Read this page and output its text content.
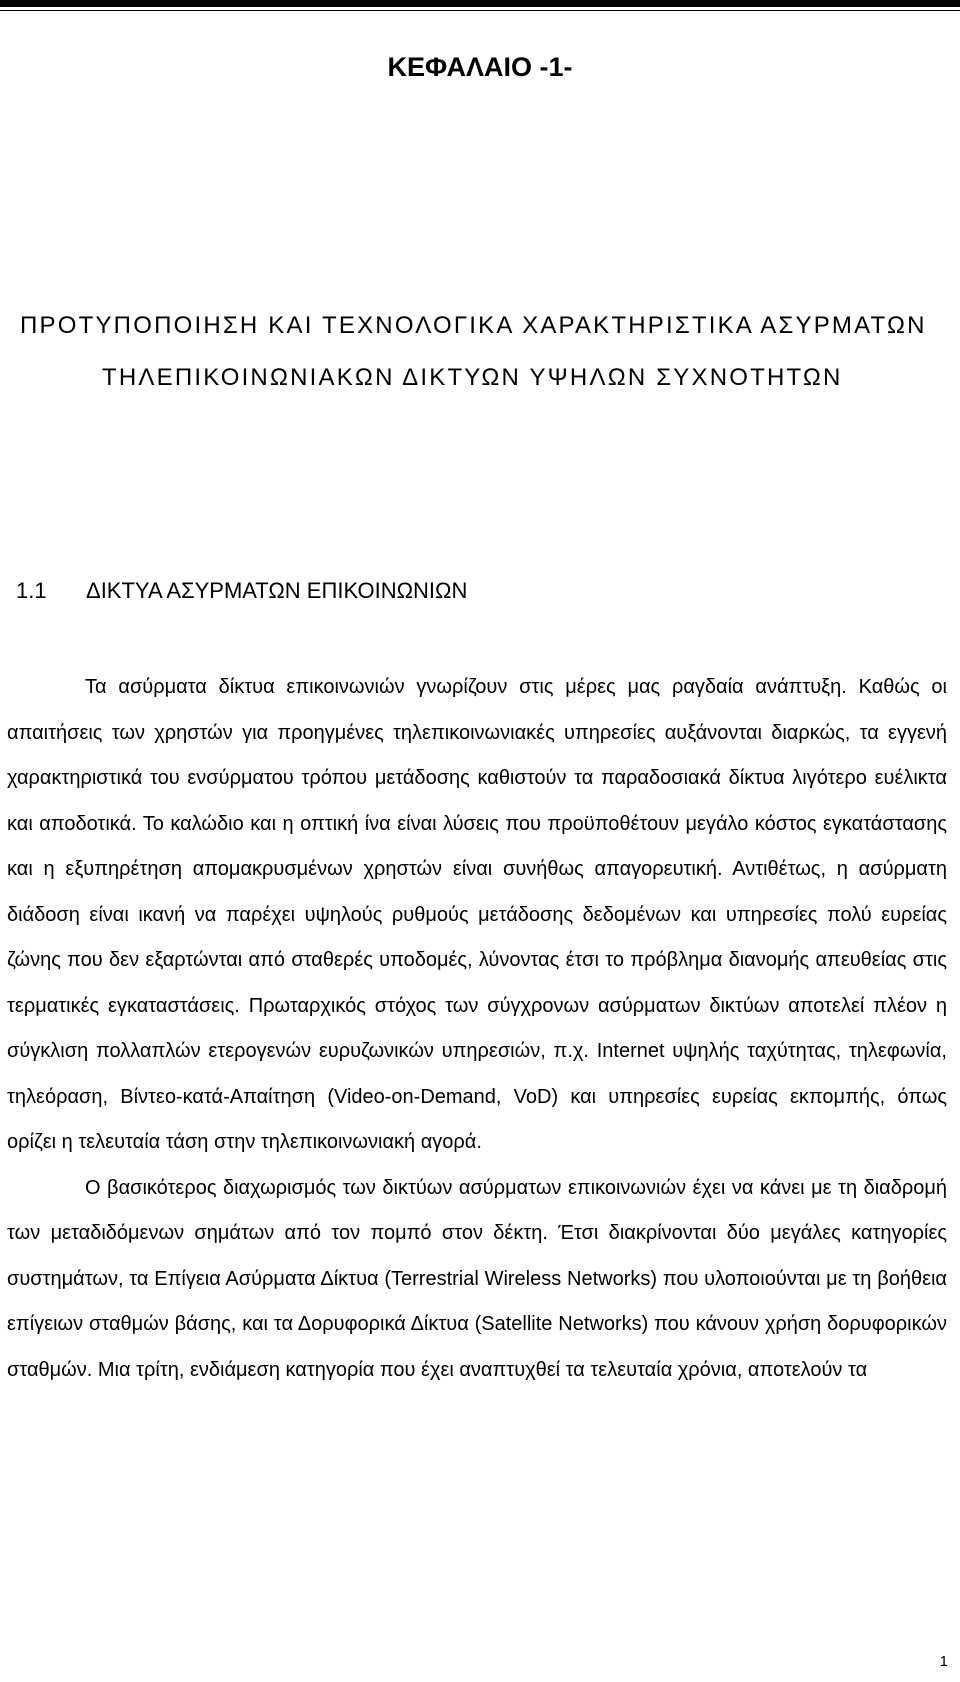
ΚΕΦΑΛΑΙΟ -1-
ΠΡΟΤΥΠΟΠΟΙΗΣΗ ΚΑΙ ΤΕΧΝΟΛΟΓΙΚΑ ΧΑΡΑΚΤΗΡΙΣΤΙΚΑ ΑΣΥΡΜΑΤΩΝ
ΤΗΛΕΠΙΚΟΙΝΩΝΙΑΚΩΝ ΔΙΚΤΥΩΝ ΥΨΗΛΩΝ ΣΥΧΝΟΤΗΤΩΝ
1.1 ΔΙΚΤΥΑ ΑΣΥΡΜΑΤΩΝ ΕΠΙΚΟΙΝΩΝΙΩΝ

Τα ασύρματα δίκτυα επικοινωνιών γνωρίζουν στις μέρες μας ραγδαία ανάπτυξη. Καθώς οι απαιτήσεις των χρηστών για προηγμένες τηλεπικοινωνιακές υπηρεσίες αυξάνονται διαρκώς, τα εγγενή χαρακτηριστικά του ενσύρματου τρόπου μετάδοσης καθιστούν τα παραδοσιακά δίκτυα λιγότερο ευέλικτα και αποδοτικά. Το καλώδιο και η οπτική ίνα είναι λύσεις που προϋποθέτουν μεγάλο κόστος εγκατάστασης και η εξυπηρέτηση απομακρυσμένων χρηστών είναι συνήθως απαγορευτική. Αντιθέτως, η ασύρματη διάδοση είναι ικανή να παρέχει υψηλούς ρυθμούς μετάδοσης δεδομένων και υπηρεσίες πολύ ευρείας ζώνης που δεν εξαρτώνται από σταθερές υποδομές, λύνοντας έτσι το πρόβλημα διανομής απευθείας στις τερματικές εγκαταστάσεις. Πρωταρχικός στόχος των σύγχρονων ασύρματων δικτύων αποτελεί πλέον η σύγκλιση πολλαπλών ετερογενών ευρυζωνικών υπηρεσιών, π.χ. Internet υψηλής ταχύτητας, τηλεφωνία, τηλεόραση, Βίντεο-κατά-Απαίτηση (Video-on-Demand, VoD) και υπηρεσίες ευρείας εκπομπής, όπως ορίζει η τελευταία τάση στην τηλεπικοινωνιακή αγορά.

Ο βασικότερος διαχωρισμός των δικτύων ασύρματων επικοινωνιών έχει να κάνει με τη διαδρομή των μεταδιδόμενων σημάτων από τον πομπό στον δέκτη. Έτσι διακρίνονται δύο μεγάλες κατηγορίες συστημάτων, τα Επίγεια Ασύρματα Δίκτυα (Terrestrial Wireless Networks) που υλοποιούνται με τη βοήθεια επίγειων σταθμών βάσης, και τα Δορυφορικά Δίκτυα (Satellite Networks) που κάνουν χρήση δορυφορικών σταθμών. Μια τρίτη, ενδιάμεση κατηγορία που έχει αναπτυχθεί τα τελευταία χρόνια, αποτελούν τα

1
